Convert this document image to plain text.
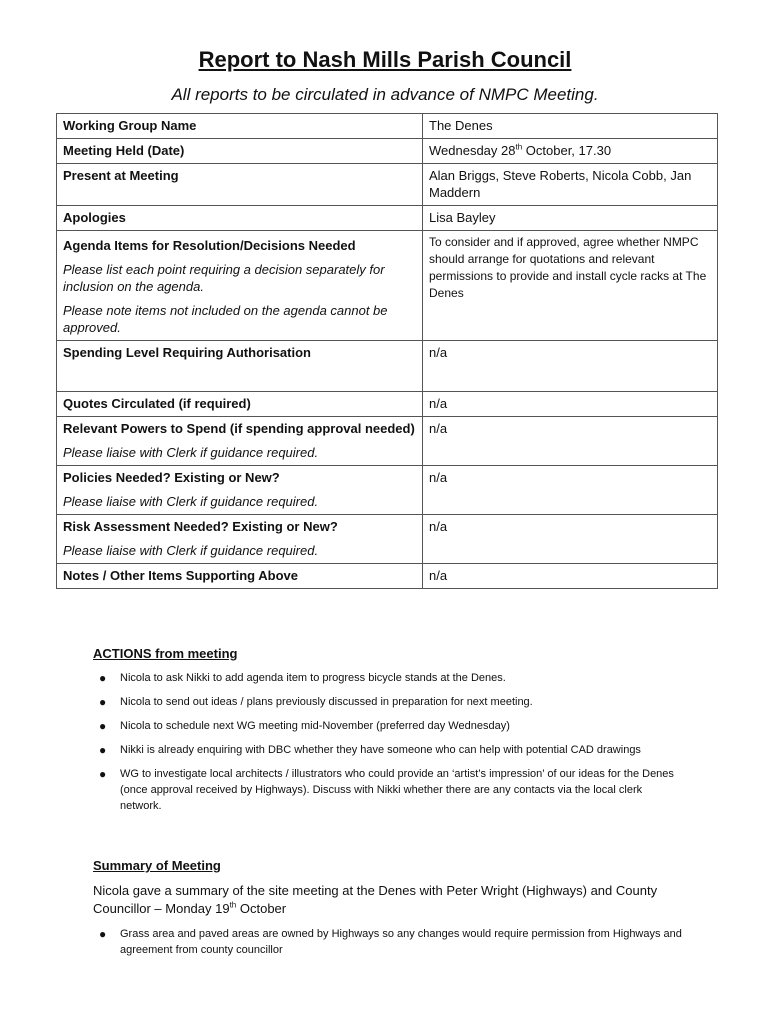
Report to Nash Mills Parish Council

All reports to be circulated in advance of NMPC Meeting.

Working Group Name	The Denes
Meeting Held (Date)	Wednesday 28th October, 17.30
Present at Meeting	Alan Briggs, Steve Roberts, Nicola Cobb, Jan Maddern
Apologies	Lisa Bayley

Agenda Items for Resolution/Decisions Needed
Please list each point requiring a decision separately for inclusion on the agenda.
Please note items not included on the agenda cannot be approved.	To consider and if approved, agree whether NMPC should arrange for quotations and relevant permissions to provide and install cycle racks at The Denes
Spending Level Requiring Authorisation	n/a
Quotes Circulated (if required)	n/a

Relevant Powers to Spend (if spending approval needed)
Please liaise with Clerk if guidance required.	n/a

Policies Needed? Existing or New?
Please liaise with Clerk if guidance required.	n/a

Risk Assessment Needed? Existing or New?
Please liaise with Clerk if guidance required.	n/a
Notes / Other Items Supporting Above	n/a
ACTIONS from meeting
● Nicola to ask Nikki to add agenda item to progress bicycle stands at the Denes.
● Nicola to send out ideas / plans previously discussed in preparation for next meeting.
● Nicola to schedule next WG meeting mid-November (preferred day Wednesday)
● Nikki is already enquiring with DBC whether they have someone who can help with potential CAD drawings
● WG to investigate local architects / illustrators who could provide an ‘artist’s impression’ of our ideas for the Denes (once approval received by Highways). Discuss with Nikki whether there are any contacts via the local clerk network.
Summary of Meeting
Nicola gave a summary of the site meeting at the Denes with Peter Wright (Highways) and County Councillor – Monday 19th October
● Grass area and paved areas are owned by Highways so any changes would require permission from Highways and agreement from county councillor
